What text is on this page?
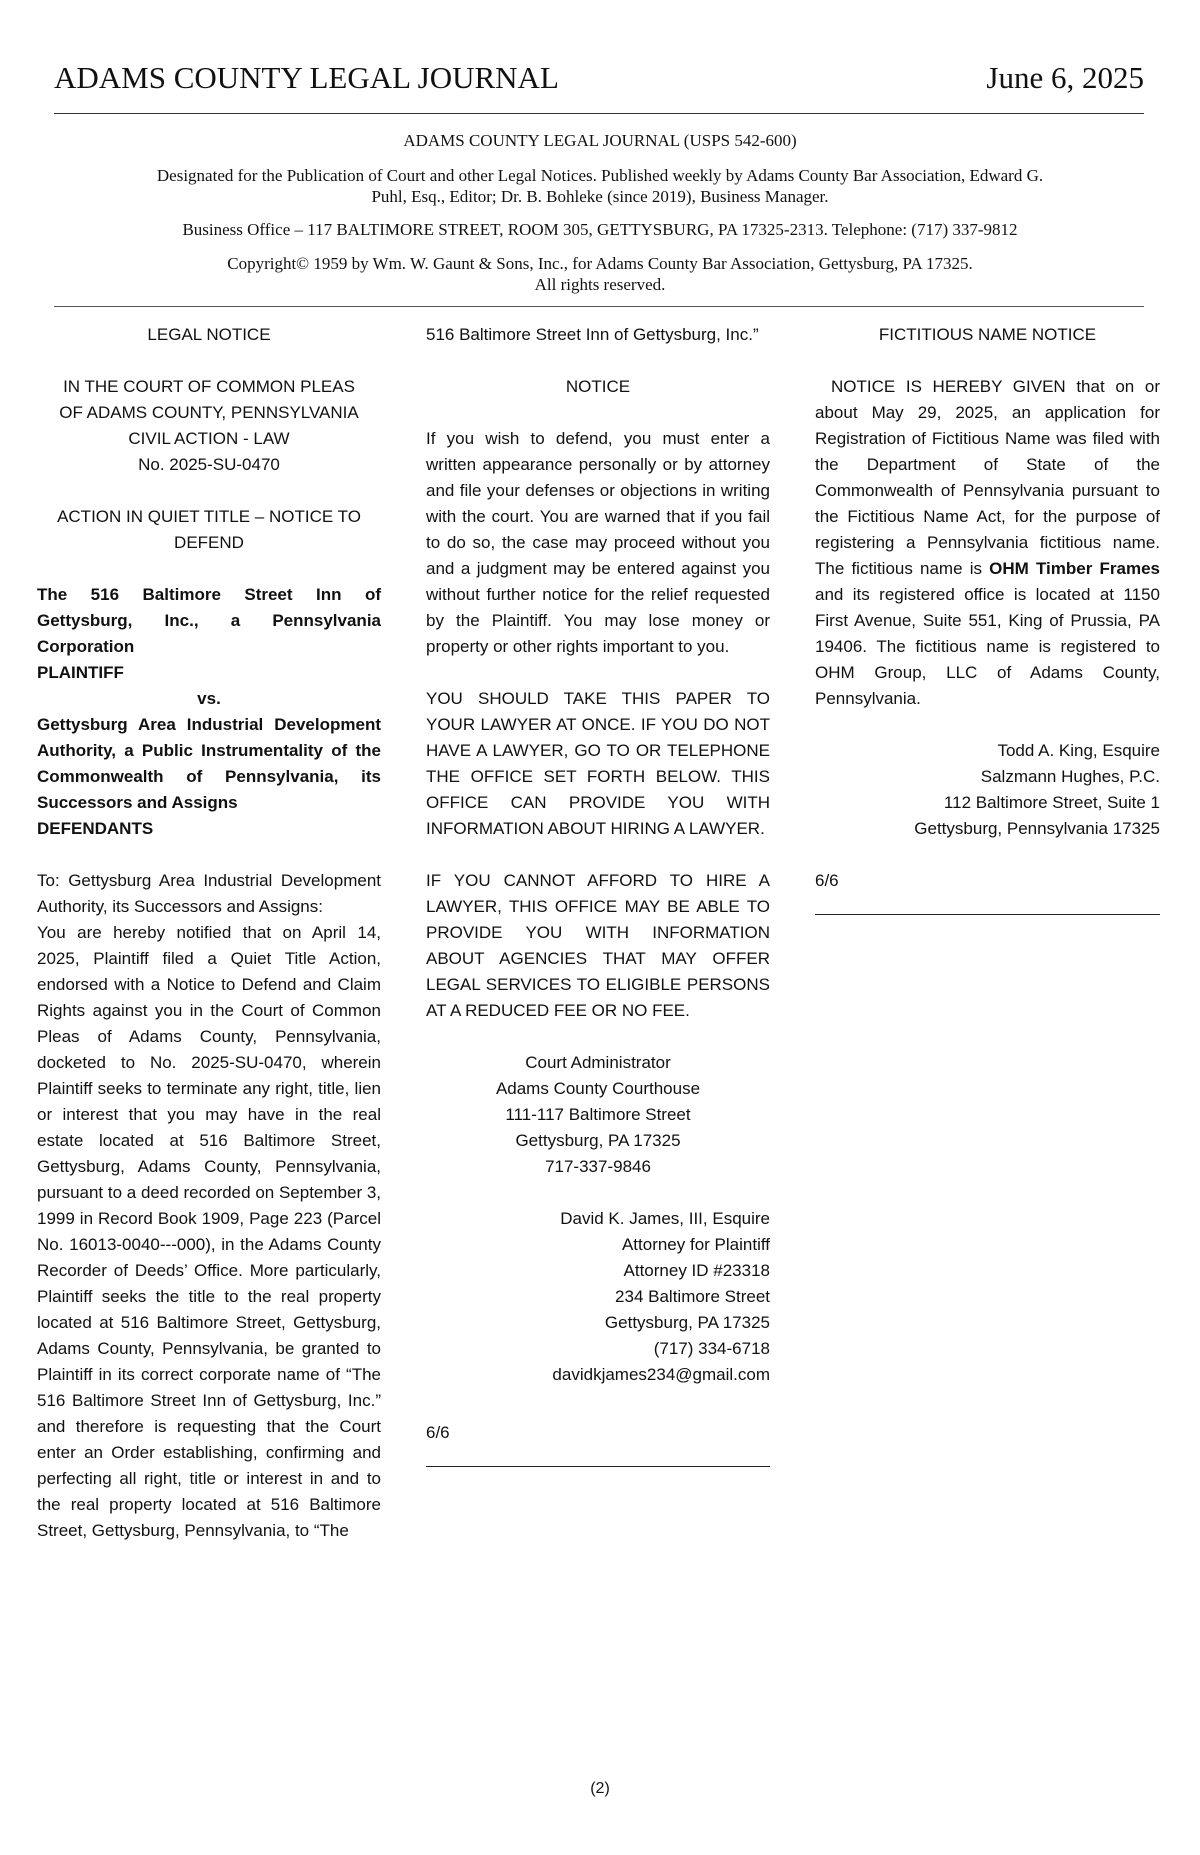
ADAMS COUNTY LEGAL JOURNAL	June 6, 2025
ADAMS COUNTY LEGAL JOURNAL (USPS 542-600)
Designated for the Publication of Court and other Legal Notices. Published weekly by Adams County Bar Association, Edward G.
Puhl, Esq., Editor; Dr. B. Bohleke (since 2019), Business Manager.
Business Office – 117 BALTIMORE STREET, ROOM 305, GETTYSBURG, PA 17325-2313. Telephone: (717) 337-9812
Copyright© 1959 by Wm. W. Gaunt & Sons, Inc., for Adams County Bar Association, Gettysburg, PA 17325.
All rights reserved.

LEGAL NOTICE

IN THE COURT OF COMMON PLEAS
OF ADAMS COUNTY, PENNSYLVANIA
CIVIL ACTION - LAW
No. 2025-SU-0470

ACTION IN QUIET TITLE – NOTICE TO
DEFEND

The 516 Baltimore Street Inn of Gettysburg, Inc., a Pennsylvania Corporation
PLAINTIFF
vs.
Gettysburg Area Industrial Development Authority, a Public Instrumentality of the Commonwealth of Pennsylvania, its Successors and Assigns
DEFENDANTS

To: Gettysburg Area Industrial Development Authority, its Successors and Assigns:

You are hereby notified that on April 14, 2025, Plaintiff filed a Quiet Title Action, endorsed with a Notice to Defend and Claim Rights against you in the Court of Common Pleas of Adams County, Pennsylvania, docketed to No. 2025-SU-0470, wherein Plaintiff seeks to terminate any right, title, lien or interest that you may have in the real estate located at 516 Baltimore Street, Gettysburg, Adams County, Pennsylvania, pursuant to a deed recorded on September 3, 1999 in Record Book 1909, Page 223 (Parcel No. 16013-0040---000), in the Adams County Recorder of Deeds’ Office. More particularly, Plaintiff seeks the title to the real property located at 516 Baltimore Street, Gettysburg, Adams County, Pennsylvania, be granted to Plaintiff in its correct corporate name of “The 516 Baltimore Street Inn of Gettysburg, Inc.” and therefore is requesting that the Court enter an Order establishing, confirming and perfecting all right, title or interest in and to the real property located at 516 Baltimore Street, Gettysburg, Pennsylvania, to “The

516 Baltimore Street Inn of Gettysburg, Inc.”

NOTICE

If you wish to defend, you must enter a written appearance personally or by attorney and file your defenses or objections in writing with the court. You are warned that if you fail to do so, the case may proceed without you and a judgment may be entered against you without further notice for the relief requested by the Plaintiff. You may lose money or property or other rights important to you.

YOU SHOULD TAKE THIS PAPER TO YOUR LAWYER AT ONCE. IF YOU DO NOT HAVE A LAWYER, GO TO OR TELEPHONE THE OFFICE SET FORTH BELOW. THIS OFFICE CAN PROVIDE YOU WITH INFORMATION ABOUT HIRING A LAWYER.

IF YOU CANNOT AFFORD TO HIRE A LAWYER, THIS OFFICE MAY BE ABLE TO PROVIDE YOU WITH INFORMATION ABOUT AGENCIES THAT MAY OFFER LEGAL SERVICES TO ELIGIBLE PERSONS AT A REDUCED FEE OR NO FEE.

Court Administrator
Adams County Courthouse
111-117 Baltimore Street
Gettysburg, PA 17325
717-337-9846
David K. James, III, Esquire
Attorney for Plaintiff
Attorney ID #23318
234 Baltimore Street
Gettysburg, PA 17325
(717) 334-6718
davidkjames234@gmail.com

6/6

FICTITIOUS NAME NOTICE

NOTICE IS HEREBY GIVEN that on or about May 29, 2025, an application for Registration of Fictitious Name was filed with the Department of State of the Commonwealth of Pennsylvania pursuant to the Fictitious Name Act, for the purpose of registering a Pennsylvania fictitious name. The fictitious name is OHM Timber Frames and its registered office is located at 1150 First Avenue, Suite 551, King of Prussia, PA 19406. The fictitious name is registered to OHM Group, LLC of Adams County, Pennsylvania.

Todd A. King, Esquire
Salzmann Hughes, P.C.
112 Baltimore Street, Suite 1
Gettysburg, Pennsylvania 17325

6/6

(2)
